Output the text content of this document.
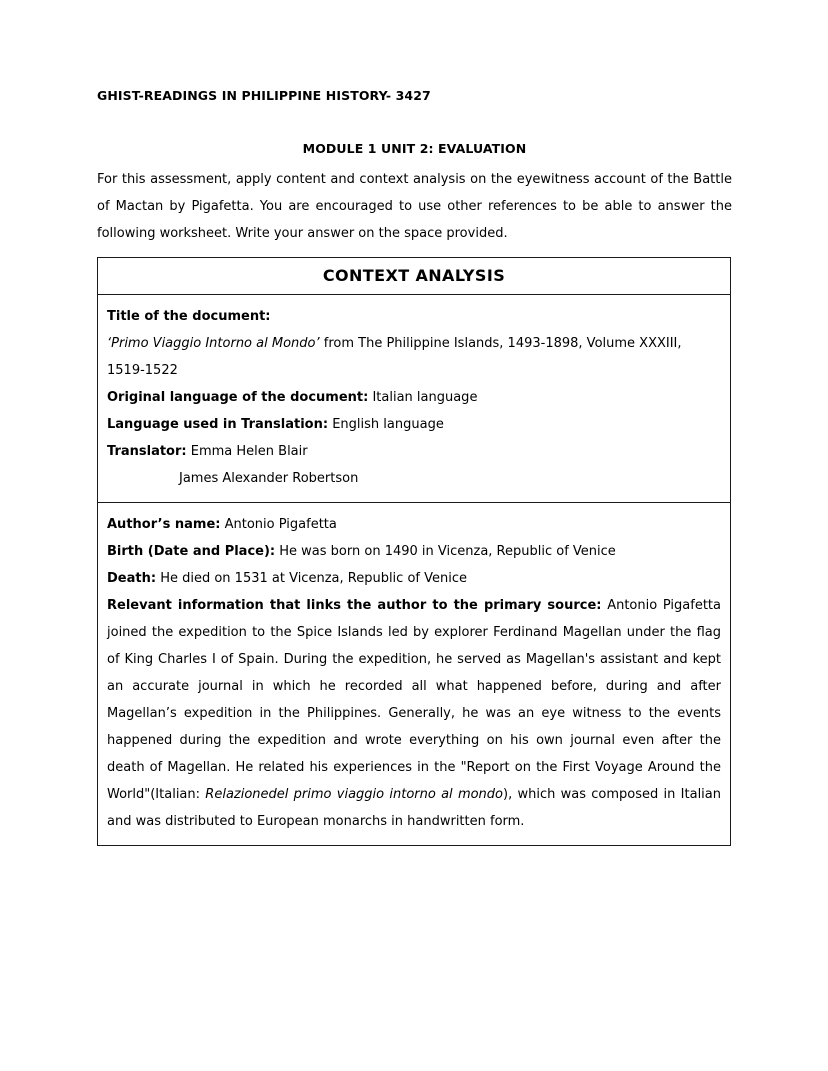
GHIST-READINGS IN PHILIPPINE HISTORY- 3427
MODULE 1 UNIT 2: EVALUATION
For this assessment, apply content and context analysis on the eyewitness account of the Battle of Mactan by Pigafetta. You are encouraged to use other references to be able to answer the following worksheet. Write your answer on the space provided.
CONTEXT ANALYSIS

Title of the document:
‘Primo Viaggio Intorno al Mondo’ from The Philippine Islands, 1493-1898, Volume XXXIII, 1519-1522
Original language of the document: Italian language
Language used in Translation: English language
Translator: Emma Helen Blair
James Alexander Robertson

Author’s name: Antonio Pigafetta
Birth (Date and Place): He was born on 1490 in Vicenza, Republic of Venice
Death: He died on 1531 at Vicenza, Republic of Venice
Relevant information that links the author to the primary source: Antonio Pigafetta joined the expedition to the Spice Islands led by explorer Ferdinand Magellan under the flag of King Charles I of Spain. During the expedition, he served as Magellan's assistant and kept an accurate journal in which he recorded all what happened before, during and after Magellan’s expedition in the Philippines. Generally, he was an eye witness to the events happened during the expedition and wrote everything on his own journal even after the death of Magellan. He related his experiences in the "Report on the First Voyage Around the World"(Italian: Relazionedel primo viaggio intorno al mondo), which was composed in Italian and was distributed to European monarchs in handwritten form.
